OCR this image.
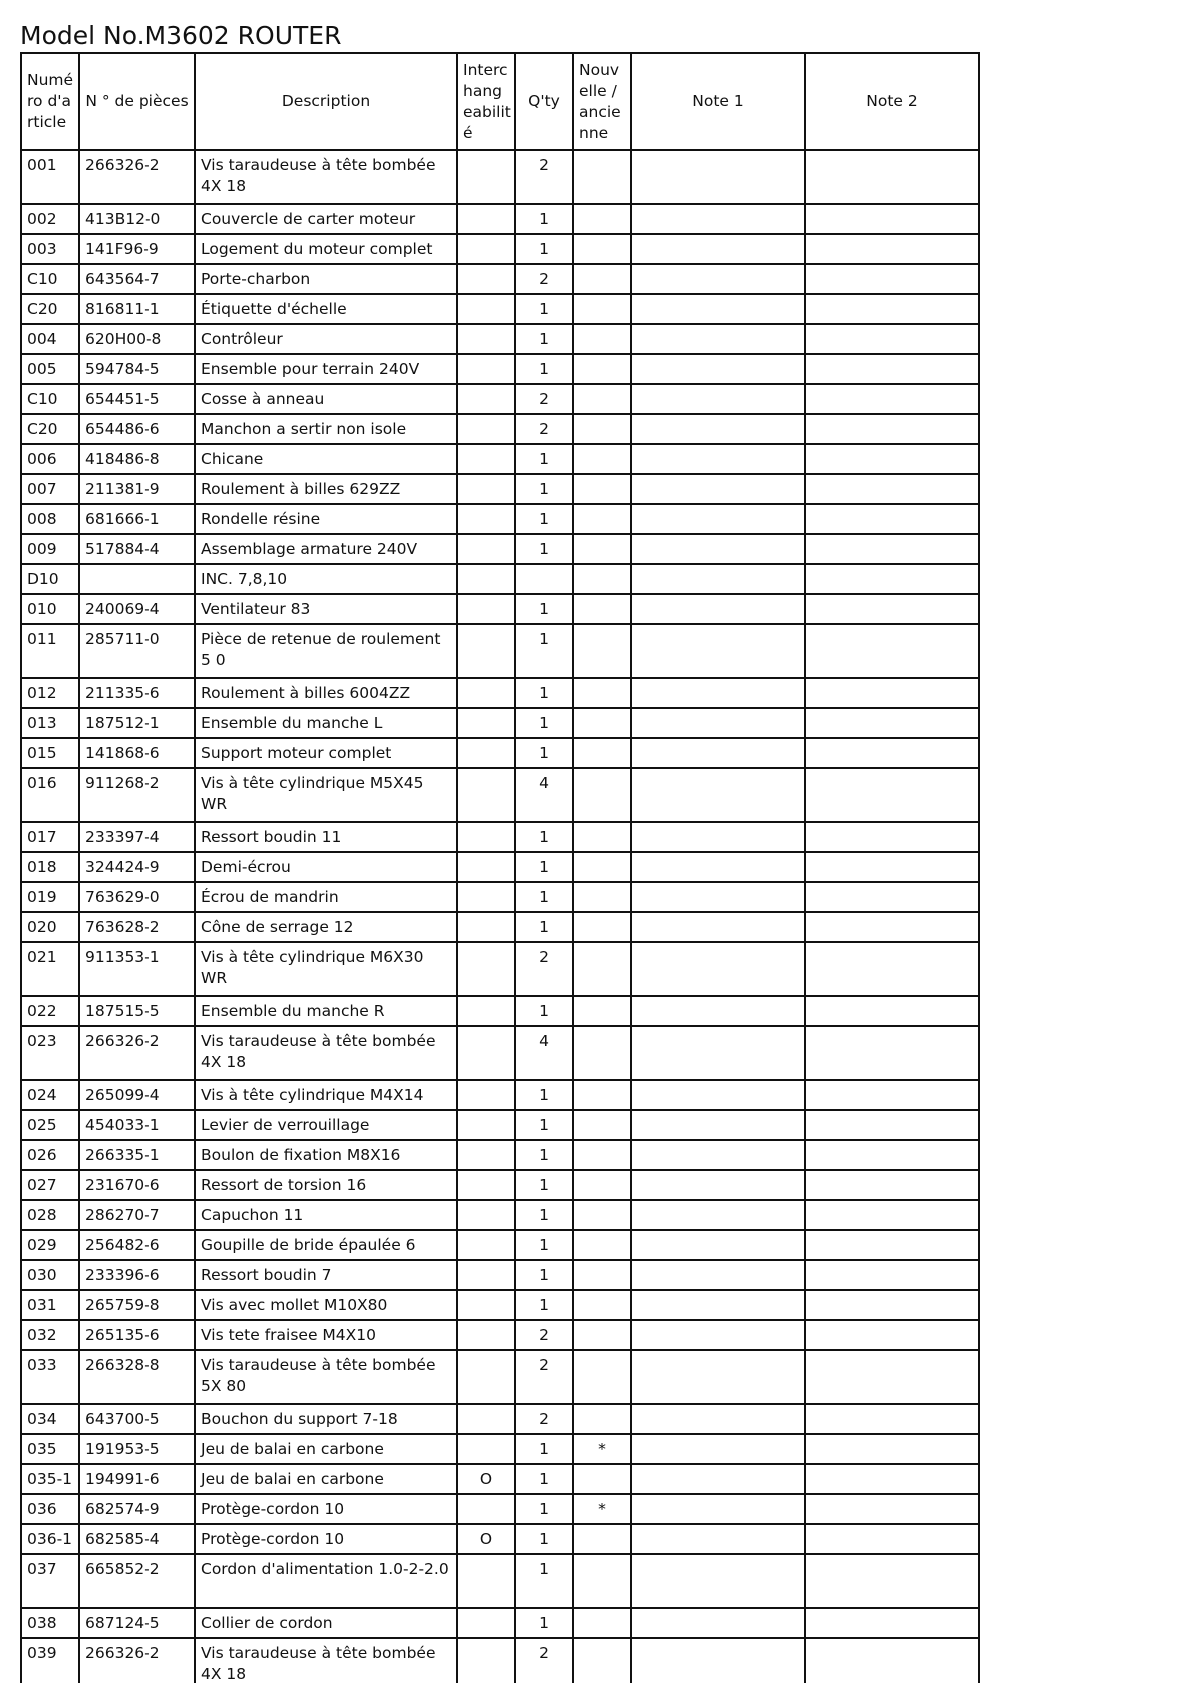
Model No.M3602 ROUTER
Numé ro d'a rticle	N ° de pièces	Description	Interc hang eabilit é	Q'ty	Nouv elle / ancie nne	Note 1	Note 2
001	266326-2	Vis taraudeuse à tête bombée 4X 18		2			
002	413B12-0	Couvercle de carter moteur		1			
003	141F96-9	Logement du moteur complet		1			
C10	643564-7	Porte-charbon		2			
C20	816811-1	Étiquette d'échelle		1			
004	620H00-8	Contrôleur		1			
005	594784-5	Ensemble pour terrain 240V		1			
C10	654451-5	Cosse à anneau		2			
C20	654486-6	Manchon a sertir non isole		2			
006	418486-8	Chicane		1			
007	211381-9	Roulement à billes 629ZZ		1			
008	681666-1	Rondelle résine		1			
009	517884-4	Assemblage armature 240V		1			
D10		INC. 7,8,10					
010	240069-4	Ventilateur 83		1			
011	285711-0	Pièce de retenue de roulement 5 0		1			
012	211335-6	Roulement à billes 6004ZZ		1			
013	187512-1	Ensemble du manche L		1			
015	141868-6	Support moteur complet		1			
016	911268-2	Vis à tête cylindrique M5X45 WR		4			
017	233397-4	Ressort boudin 11		1			
018	324424-9	Demi-écrou		1			
019	763629-0	Écrou de mandrin		1			
020	763628-2	Cône de serrage 12		1			
021	911353-1	Vis à tête cylindrique M6X30 WR		2			
022	187515-5	Ensemble du manche R		1			
023	266326-2	Vis taraudeuse à tête bombée 4X 18		4			
024	265099-4	Vis à tête cylindrique M4X14		1			
025	454033-1	Levier de verrouillage		1			
026	266335-1	Boulon de fixation M8X16		1			
027	231670-6	Ressort de torsion 16		1			
028	286270-7	Capuchon 11		1			
029	256482-6	Goupille de bride épaulée 6		1			
030	233396-6	Ressort boudin 7		1			
031	265759-8	Vis avec mollet M10X80		1			
032	265135-6	Vis tete fraisee M4X10		2			
033	266328-8	Vis taraudeuse à tête bombée 5X 80		2			
034	643700-5	Bouchon du support 7-18		2			
035	191953-5	Jeu de balai en carbone		1	*		
035-1	194991-6	Jeu de balai en carbone	O	1			
036	682574-9	Protège-cordon 10		1	*		
036-1	682585-4	Protège-cordon 10	O	1			
037	665852-2	Cordon d'alimentation 1.0-2-2.0		1			
038	687124-5	Collier de cordon		1			
039	266326-2	Vis taraudeuse à tête bombée 4X 18		2			
